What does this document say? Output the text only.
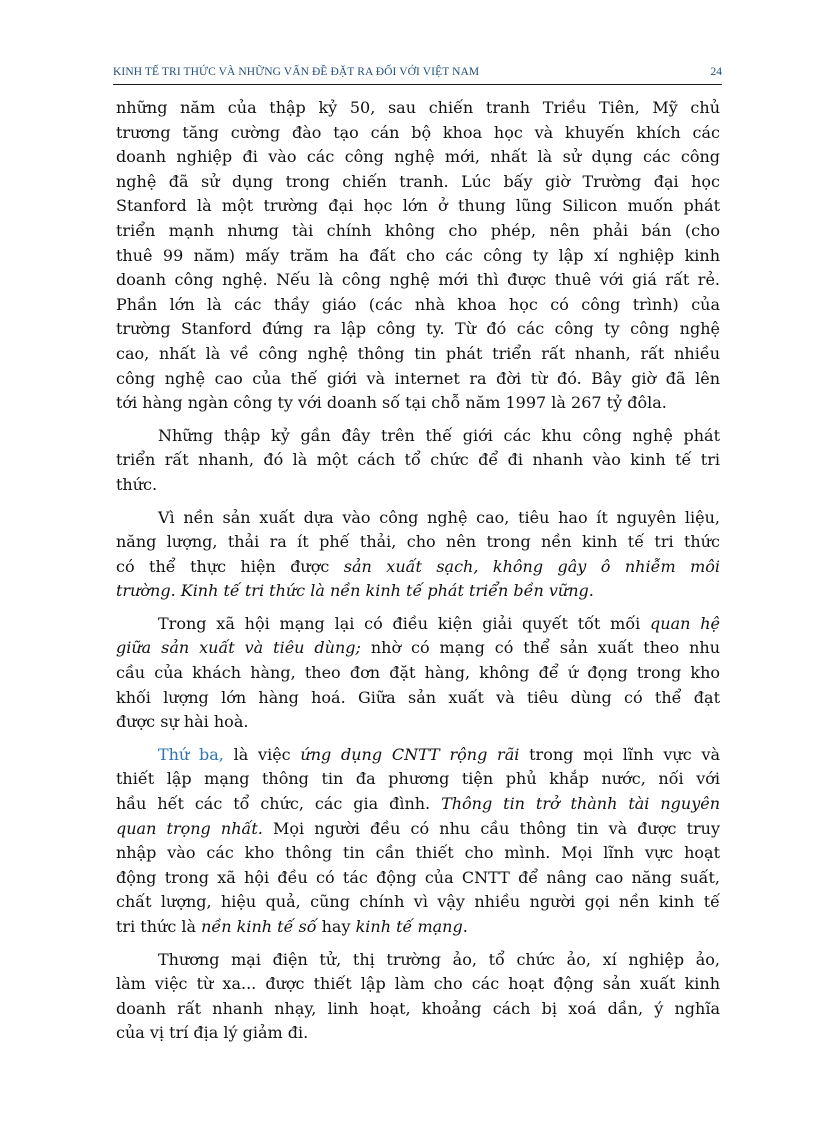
KINH TẾ TRI THỨC VÀ NHỮNG VẤN ĐỀ ĐẶT RA ĐỐI VỚI VIỆT NAM	24
những năm của thập kỷ 50, sau chiến tranh Triều Tiên, Mỹ chủ
trương tăng cường đào tạo cán bộ khoa học và khuyến khích các
doanh nghiệp đi vào các công nghệ mới, nhất là sử dụng các công
nghệ đã sử dụng trong chiến tranh. Lúc bấy giờ Trường đại học
Stanford là một trường đại học lớn ở thung lũng Silicon muốn phát
triển mạnh nhưng tài chính không cho phép, nên phải bán (cho
thuê 99 năm) mấy trăm ha đất cho các công ty lập xí nghiệp kinh
doanh công nghệ. Nếu là công nghệ mới thì được thuê với giá rất rẻ.
Phần lớn là các thầy giáo (các nhà khoa học có công trình) của
trường Stanford đứng ra lập công ty. Từ đó các công ty công nghệ
cao, nhất là về công nghệ thông tin phát triển rất nhanh, rất nhiều
công nghệ cao của thế giới và internet ra đời từ đó. Bây giờ đã lên
tới hàng ngàn công ty với doanh số tại chỗ năm 1997 là 267 tỷ đôla.
Những thập kỷ gần đây trên thế giới các khu công nghệ phát
triển rất nhanh, đó là một cách tổ chức để đi nhanh vào kinh tế tri
thức.
Vì nền sản xuất dựa vào công nghệ cao, tiêu hao ít nguyên liệu,
năng lượng, thải ra ít phế thải, cho nên trong nền kinh tế tri thức
có thể thực hiện được sản xuất sạch, không gây ô nhiễm môi
trường. Kinh tế tri thức là nền kinh tế phát triển bền vững.
Trong xã hội mạng lại có điều kiện giải quyết tốt mối quan hệ
giữa sản xuất và tiêu dùng; nhờ có mạng có thể sản xuất theo nhu
cầu của khách hàng, theo đơn đặt hàng, không để ứ đọng trong kho
khối lượng lớn hàng hoá. Giữa sản xuất và tiêu dùng có thể đạt
được sự hài hoà.
Thứ ba, là việc ứng dụng CNTT rộng rãi trong mọi lĩnh vực và
thiết lập mạng thông tin đa phương tiện phủ khắp nước, nối với
hầu hết các tổ chức, các gia đình. Thông tin trở thành tài nguyên
quan trọng nhất. Mọi người đều có nhu cầu thông tin và được truy
nhập vào các kho thông tin cần thiết cho mình. Mọi lĩnh vực hoạt
động trong xã hội đều có tác động của CNTT để nâng cao năng suất,
chất lượng, hiệu quả, cũng chính vì vậy nhiều người gọi nền kinh tế
tri thức là nền kinh tế số hay kinh tế mạng.
Thương mại điện tử, thị trường ảo, tổ chức ảo, xí nghiệp ảo,
làm việc từ xa... được thiết lập làm cho các hoạt động sản xuất kinh
doanh rất nhanh nhạy, linh hoạt, khoảng cách bị xoá dần, ý nghĩa
của vị trí địa lý giảm đi.
